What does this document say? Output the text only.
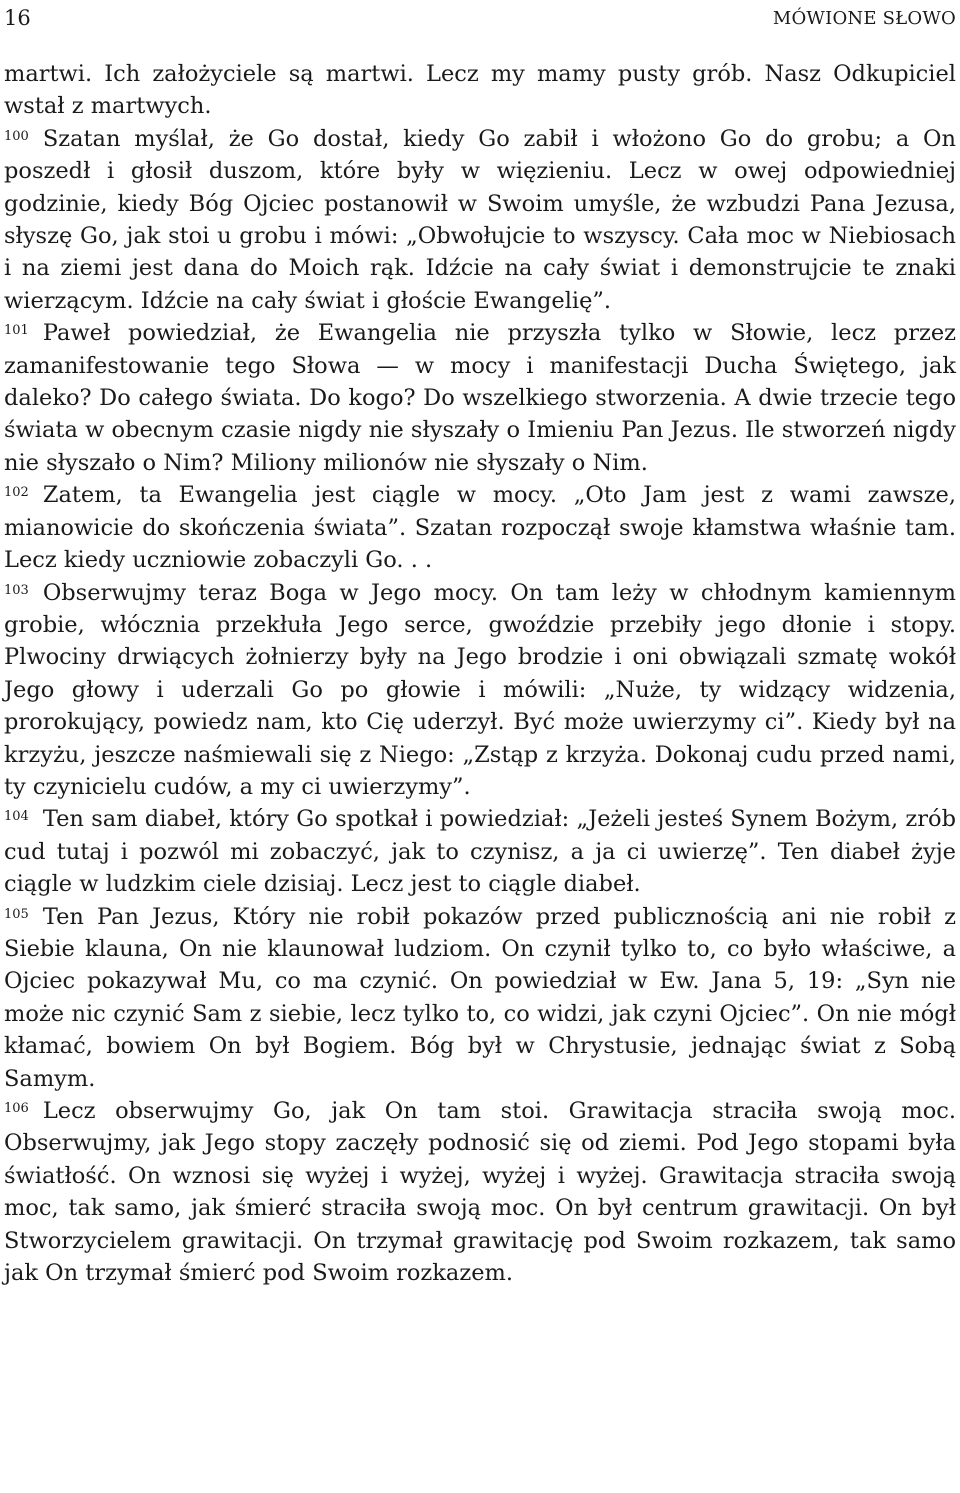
16	MÓWIONE SŁOWO

martwi. Ich założyciele są martwi. Lecz my mamy pusty grób. Nasz Odkupiciel wstał z martwych.

$^{100}$ Szatan myślał, że Go dostał, kiedy Go zabił i włożono Go do grobu; a On poszedł i głosił duszom, które były w więzieniu. Lecz w owej odpowiedniej godzinie, kiedy Bóg Ojciec postanowił w Swoim umyśle, że wzbudzi Pana Jezusa, słyszę Go, jak stoi u grobu i mówi: „Obwołujcie to wszyscy. Cała moc w Niebiosach i na ziemi jest dana do Moich rąk. Idźcie na cały świat i demonstrujcie te znaki wierzącym. Idźcie na cały świat i głoście Ewangelię”.

$^{101}$ Paweł powiedział, że Ewangelia nie przyszła tylko w Słowie, lecz przez zamanifestowanie tego Słowa — w mocy i manifestacji Ducha Świętego, jak daleko? Do całego świata. Do kogo? Do wszelkiego stworzenia. A dwie trzecie tego świata w obecnym czasie nigdy nie słyszały o Imieniu Pan Jezus. Ile stworzeń nigdy nie słyszało o Nim? Miliony milionów nie słyszały o Nim.

$^{102}$ Zatem, ta Ewangelia jest ciągle w mocy. „Oto Jam jest z wami zawsze, mianowicie do skończenia świata”. Szatan rozpoczął swoje kłamstwa właśnie tam. Lecz kiedy uczniowie zobaczyli Go. . .

$^{103}$ Obserwujmy teraz Boga w Jego mocy. On tam leży w chłodnym kamiennym grobie, włócznia przekłuła Jego serce, gwoździe przebiły jego dłonie i stopy. Plwociny drwiących żołnierzy były na Jego brodzie i oni obwiązali szmatę wokół Jego głowy i uderzali Go po głowie i mówili: „Nuże, ty widzący widzenia, prorokujący, powiedz nam, kto Cię uderzył. Być może uwierzymy ci”. Kiedy był na krzyżu, jeszcze naśmiewali się z Niego: „Zstąp z krzyża. Dokonaj cudu przed nami, ty czynicielu cudów, a my ci uwierzymy”.

$^{104}$ Ten sam diabeł, który Go spotkał i powiedział: „Jeżeli jesteś Synem Bożym, zrób cud tutaj i pozwól mi zobaczyć, jak to czynisz, a ja ci uwierzę”. Ten diabeł żyje ciągle w ludzkim ciele dzisiaj. Lecz jest to ciągle diabeł.

$^{105}$ Ten Pan Jezus, Który nie robił pokazów przed publicznością ani nie robił z Siebie klauna, On nie klaunował ludziom. On czynił tylko to, co było właściwe, a Ojciec pokazywał Mu, co ma czynić. On powiedział w Ew. Jana 5, 19: „Syn nie może nic czynić Sam z siebie, lecz tylko to, co widzi, jak czyni Ojciec”. On nie mógł kłamać, bowiem On był Bogiem. Bóg był w Chrystusie, jednając świat z Sobą Samym.

$^{106}$ Lecz obserwujmy Go, jak On tam stoi. Grawitacja straciła swoją moc. Obserwujmy, jak Jego stopy zaczęły podnosić się od ziemi. Pod Jego stopami była światłość. On wznosi się wyżej i wyżej, wyżej i wyżej. Grawitacja straciła swoją moc, tak samo, jak śmierć straciła swoją moc. On był centrum grawitacji. On był Stworzycielem grawitacji. On trzymał grawitację pod Swoim rozkazem, tak samo jak On trzymał śmierć pod Swoim rozkazem.
